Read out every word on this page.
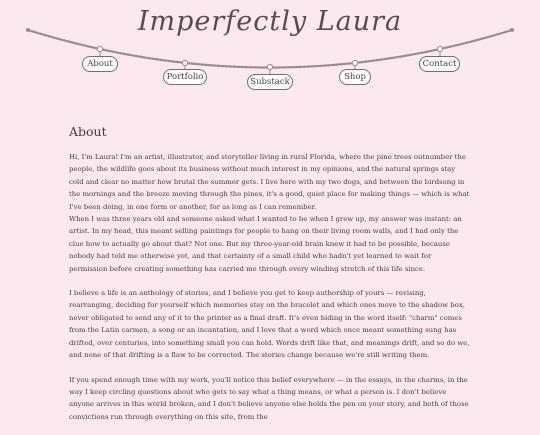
Imperfectly Laura
About
Portfolio	Substack	Shop
Contact
About

Hi, I'm Laura! I'm an artist, illustrator, and storyteller living in rural Florida, where the pine trees outnumber the people, the wildlife goes about its business without much interest in my opinions, and the natural springs stay cold and clear no matter how brutal the summer gets. I live here with my two dogs, and between the birdsong in the mornings and the breeze moving through the pines, it's a good, quiet place for making things — which is what I've been doing, in one form or another, for as long as I can remember.

When I was three years old and someone asked what I wanted to be when I grew up, my answer was instant: an artist. In my head, this meant selling paintings for people to hang on their living room walls, and I had only the clue how to actually go about that? Not one. But my three-year-old brain knew it had to be possible, because nobody had told me otherwise yet, and that certainty of a small child who hadn't yet learned to wait for permission before creating something has carried me through every winding stretch of this life since.

I believe a life is an anthology of stories, and I believe you get to keep authorship of yours — revising, rearranging, deciding for yourself which memories stay on the bracelet and which ones move to the shadow box, never obligated to send any of it to the printer as a final draft. It's even hiding in the word itself: "charm" comes from the Latin carmen, a song or an incantation, and I love that a word which once meant something sung has drifted, over centuries, into something small you can hold. Words drift like that, and meanings drift, and so do we, and none of that drifting is a flaw to be corrected. The stories change because we're still writing them.

If you spend enough time with my work, you'll notice this belief everywhere — in the essays, in the charms, in the way I keep circling questions about who gets to say what a thing means, or what a person is. I don't believe anyone arrives in this world broken, and I don't believe anyone else holds the pen on your story, and both of those convictions run through everything on this site, from the
